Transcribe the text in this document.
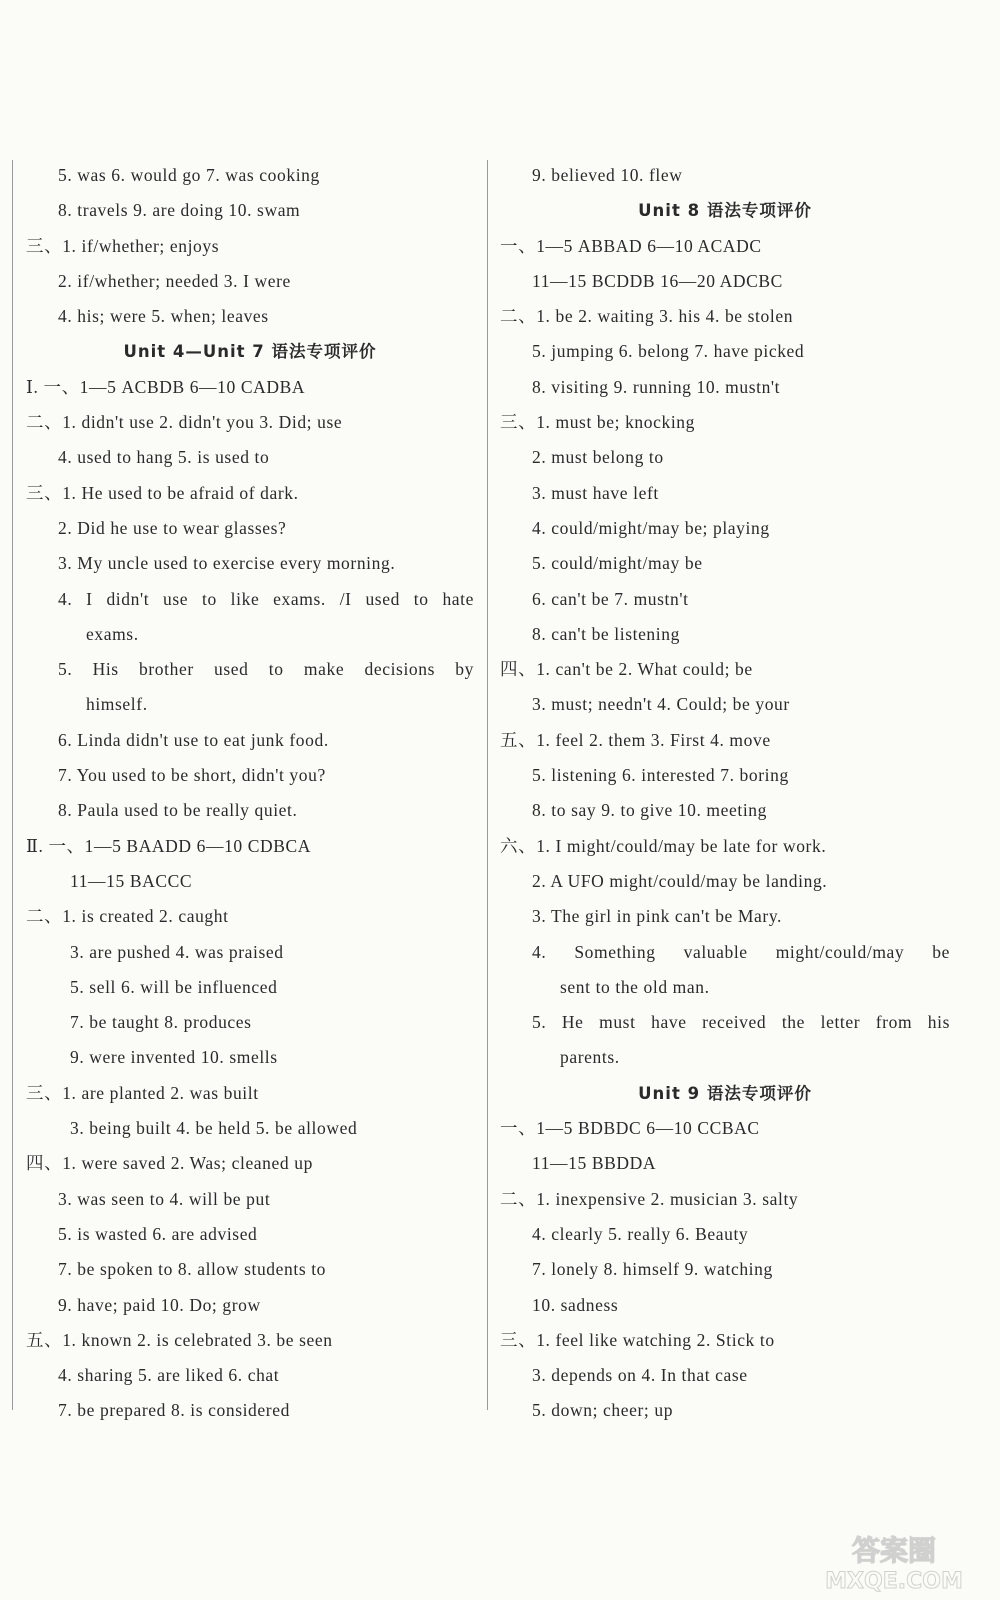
5. was 6. would go 7. was cooking
8. travels 9. are doing 10. swam
三、1. if/whether; enjoys
2. if/whether; needed 3. I were
4. his; were 5. when; leaves
Unit 4—Unit 7 语法专项评价
Ⅰ. 一、1—5 ACBDB 6—10 CADBA
二、1. didn't use 2. didn't you 3. Did; use
4. used to hang 5. is used to
三、1. He used to be afraid of dark.
2. Did he use to wear glasses?
3. My uncle used to exercise every morning.
4. I didn't use to like exams. /I used to hate
exams.
5. His brother used to make decisions by
himself.
6. Linda didn't use to eat junk food.
7. You used to be short, didn't you?
8. Paula used to be really quiet.
Ⅱ. 一、1—5 BAADD 6—10 CDBCA
11—15 BACCC
二、1. is created 2. caught
3. are pushed 4. was praised
5. sell 6. will be influenced
7. be taught 8. produces
9. were invented 10. smells
三、1. are planted 2. was built
3. being built 4. be held 5. be allowed
四、1. were saved 2. Was; cleaned up
3. was seen to 4. will be put
5. is wasted 6. are advised
7. be spoken to 8. allow students to
9. have; paid 10. Do; grow
五、1. known 2. is celebrated 3. be seen
4. sharing 5. are liked 6. chat
7. be prepared 8. is considered
9. believed 10. flew
Unit 8 语法专项评价
一、1—5 ABBAD 6—10 ACADC
11—15 BCDDB 16—20 ADCBC
二、1. be 2. waiting 3. his 4. be stolen
5. jumping 6. belong 7. have picked
8. visiting 9. running 10. mustn't
三、1. must be; knocking
2. must belong to
3. must have left
4. could/might/may be; playing
5. could/might/may be
6. can't be 7. mustn't
8. can't be listening
四、1. can't be 2. What could; be
3. must; needn't 4. Could; be your
五、1. feel 2. them 3. First 4. move
5. listening 6. interested 7. boring
8. to say 9. to give 10. meeting
六、1. I might/could/may be late for work.
2. A UFO might/could/may be landing.
3. The girl in pink can't be Mary.
4. Something valuable might/could/may be
sent to the old man.
5. He must have received the letter from his
parents.
Unit 9 语法专项评价
一、1—5 BDBDC 6—10 CCBAC
11—15 BBDDA
二、1. inexpensive 2. musician 3. salty
4. clearly 5. really 6. Beauty
7. lonely 8. himself 9. watching
10. sadness
三、1. feel like watching 2. Stick to
3. depends on 4. In that case
5. down; cheer; up
答案圈
MXQE.COM
